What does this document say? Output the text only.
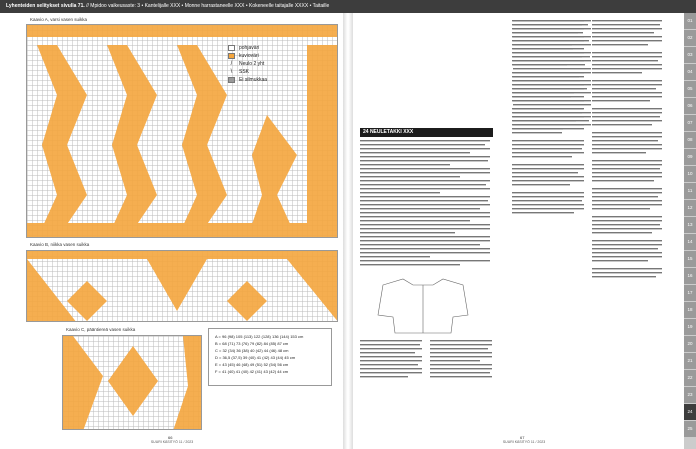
Lyhenteiden selitykset sivulla 71. // Mpidoo vaikeusaste: 3 • Kantelijalle XXX • Monne harrastaneelle XXX • Kokeneelle taitajalle XXXX • Taitaille
Kaavio A, varsi vasen suikka
pohjaväri
kuvioväri
/	Neulo 2 yht
\	SSK
Ei silmukkaa
Kaavio B, niikka vasen suikka
Kaavio C, pääntiereä vasen suikka
A = 96 (98) 105 (113) 122 (128) 136 (144) 153 cm
B = 68 (71) 73 (76) 79 (82) 84 (85) 87 cm
C = 32 (34) 36 (38) 40 (42) 44 (46) 48 cm
D = 36,5 (37,5) 39 (40) 41 (42) 43 (44) 45 cm
E = 43 (45) 46 (48) 49 (51) 52 (54) 56 cm
F = 41 (40) 41 (40) 42 (41) 43 (42) 44 cm
24 NEULETAKKI XXX
01
02
03
04
05
06
07
08
09
10
11
12
13
14
15
16
17
18
19
20
21
22
23
24
25
66	67
SUURI KÄSITYÖ 11 / 2023	SUURI KÄSITYÖ 11 / 2023
